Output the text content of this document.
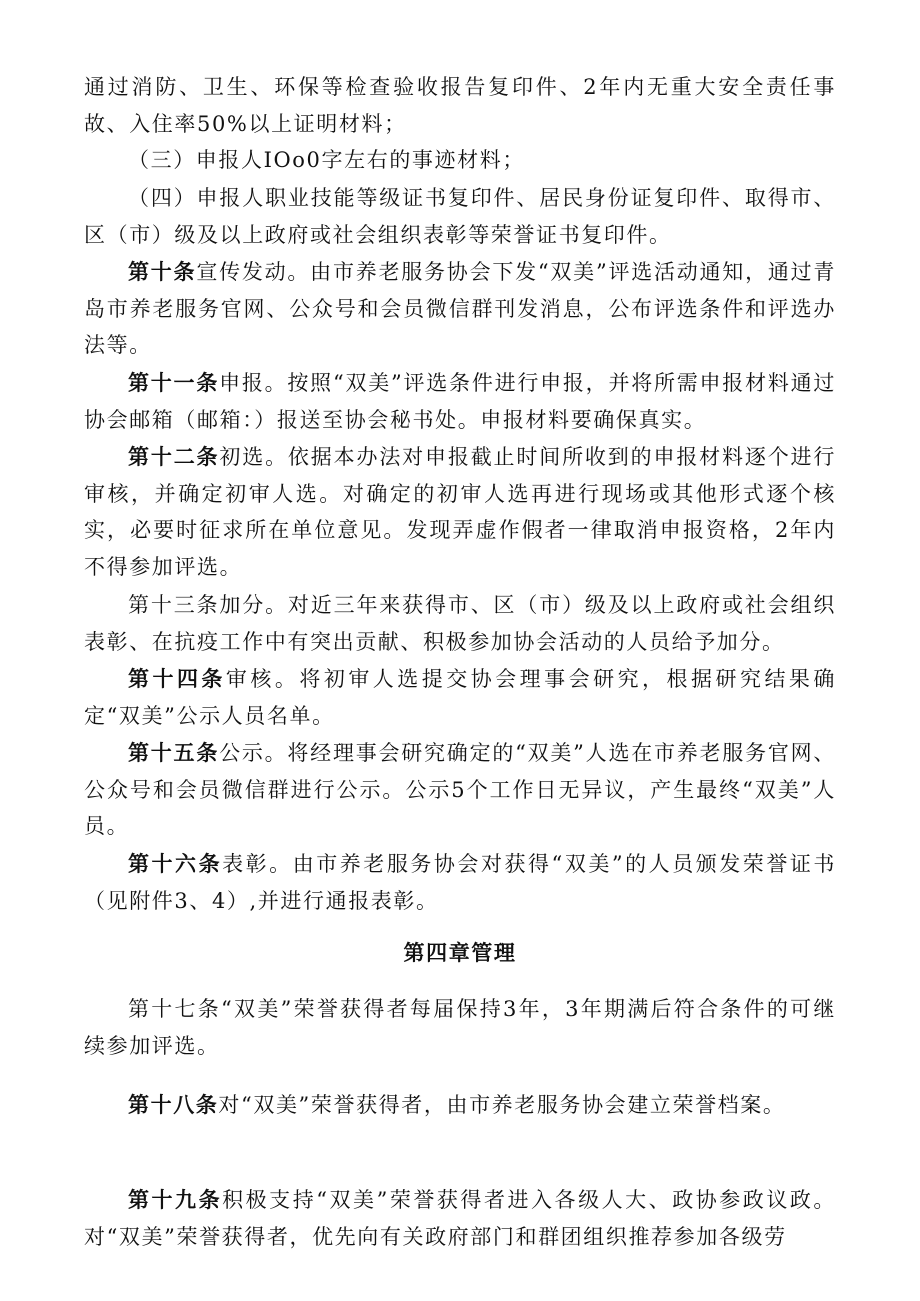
通过消防、卫生、环保等检查验收报告复印件、2年内无重大安全责任事故、入住率50%以上证明材料；

（三）申报人IOo0字左右的事迹材料；

（四）申报人职业技能等级证书复印件、居民身份证复印件、取得市、区（市）级及以上政府或社会组织表彰等荣誉证书复印件。

第十条宣传发动。由市养老服务协会下发“双美”评选活动通知，通过青岛市养老服务官网、公众号和会员微信群刊发消息，公布评选条件和评选办法等。

第十一条申报。按照“双美”评选条件进行申报，并将所需申报材料通过协会邮箱（邮箱：）报送至协会秘书处。申报材料要确保真实。

第十二条初选。依据本办法对申报截止时间所收到的申报材料逐个进行审核，并确定初审人选。对确定的初审人选再进行现场或其他形式逐个核实，必要时征求所在单位意见。发现弄虚作假者一律取消申报资格，2年内不得参加评选。

第十三条加分。对近三年来获得市、区（市）级及以上政府或社会组织表彰、在抗疫工作中有突出贡献、积极参加协会活动的人员给予加分。

第十四条审核。将初审人选提交协会理事会研究，根据研究结果确定“双美”公示人员名单。

第十五条公示。将经理事会研究确定的“双美”人选在市养老服务官网、公众号和会员微信群进行公示。公示5个工作日无异议，产生最终“双美”人员。

第十六条表彰。由市养老服务协会对获得“双美”的人员颁发荣誉证书（见附件3、4）,并进行通报表彰。

第四章管理

第十七条“双美”荣誉获得者每届保持3年，3年期满后符合条件的可继续参加评选。

第十八条对“双美”荣誉获得者，由市养老服务协会建立荣誉档案。

第十九条积极支持“双美”荣誉获得者进入各级人大、政协参政议政。对“双美”荣誉获得者，优先向有关政府部门和群团组织推荐参加各级劳
